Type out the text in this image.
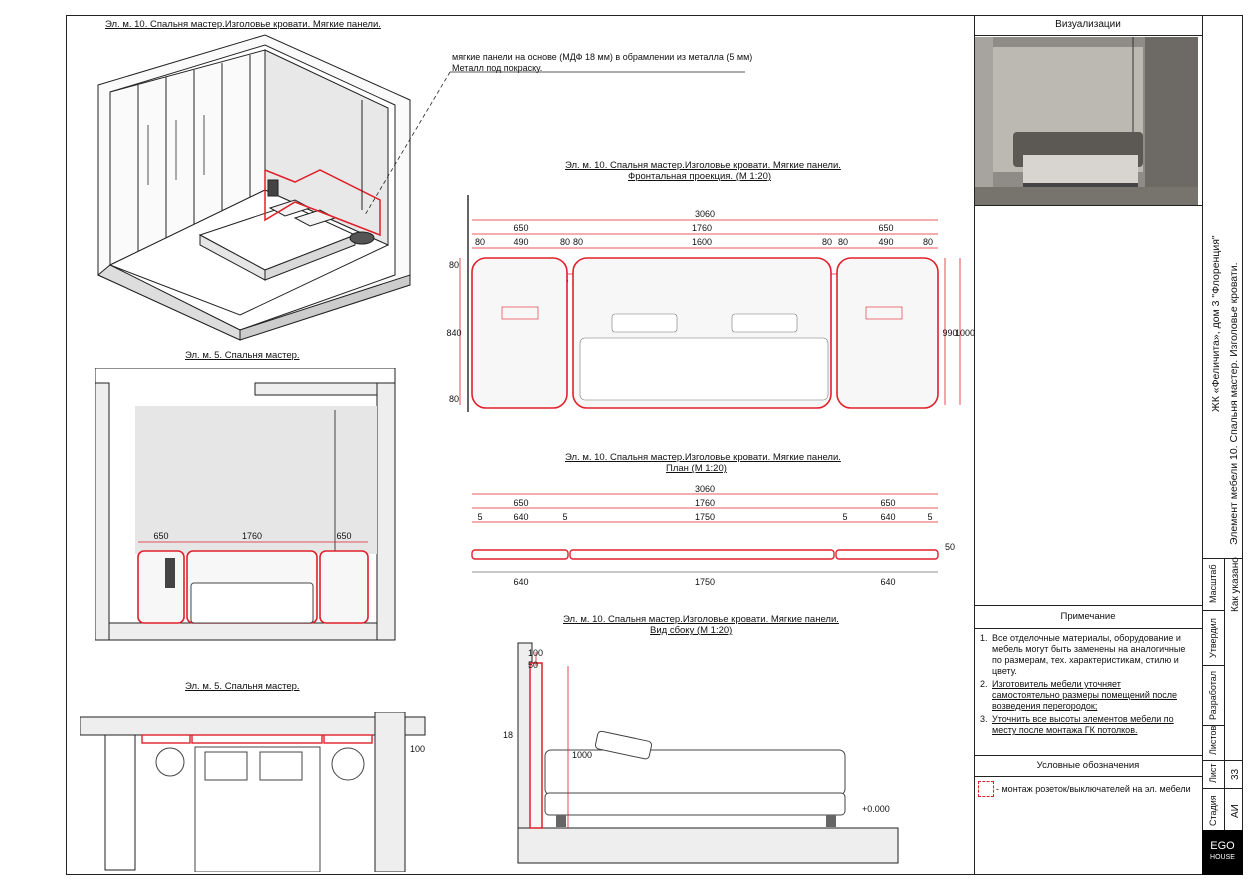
Эл. м. 10. Спальня мастер.Изголовье кровати. Мягкие панели.
мягкие панели на основе (МДФ 18 мм) в обрамлении из металла (5 мм)
Металл под покраску.
Эл. м. 10. Спальня мастер.Изголовье кровати. Мягкие панели.
Фронтальная проекция. (М 1:20)
3060
650	1760	650
80	490	80 80	1600	80 80	490	80
80
840
80
990
1000
Эл. м. 10. Спальня мастер.Изголовье кровати. Мягкие панели.
План (М 1:20)
3060
650	1760	650
5	640	1750	640	5
5	5
640	1750	640
50
Эл. м. 10. Спальня мастер.Изголовье кровати. Мягкие панели.
Вид сбоку (М 1:20)
100
50
18
1000
+0.000
Эл. м. 5. Спальня мастер.
650	1760	650
Эл. м. 5. Спальня мастер.
100
Визуализации
Примечание
1. Все отделочные материалы, оборудование и мебель могут быть заменены на аналогичные по размерам, тех. характеристикам, стилю и цвету.
2. Изготовитель мебели уточняет самостоятельно размеры помещений после возведения перегородок;
3. Уточнить все высоты элементов мебели по месту после монтажа ГК потолков.
Условные обозначения
- монтаж розеток/выключателей на эл. мебели
Масштаб Как указано
Утвердил
Разработал
Листов
Лист 33
Стадия АИ
ЖК «Феличита», дом 3 "Флоренция" Элемент мебели 10. Спальня мастер. Изголовье кровати.
EGO
HOUSE
